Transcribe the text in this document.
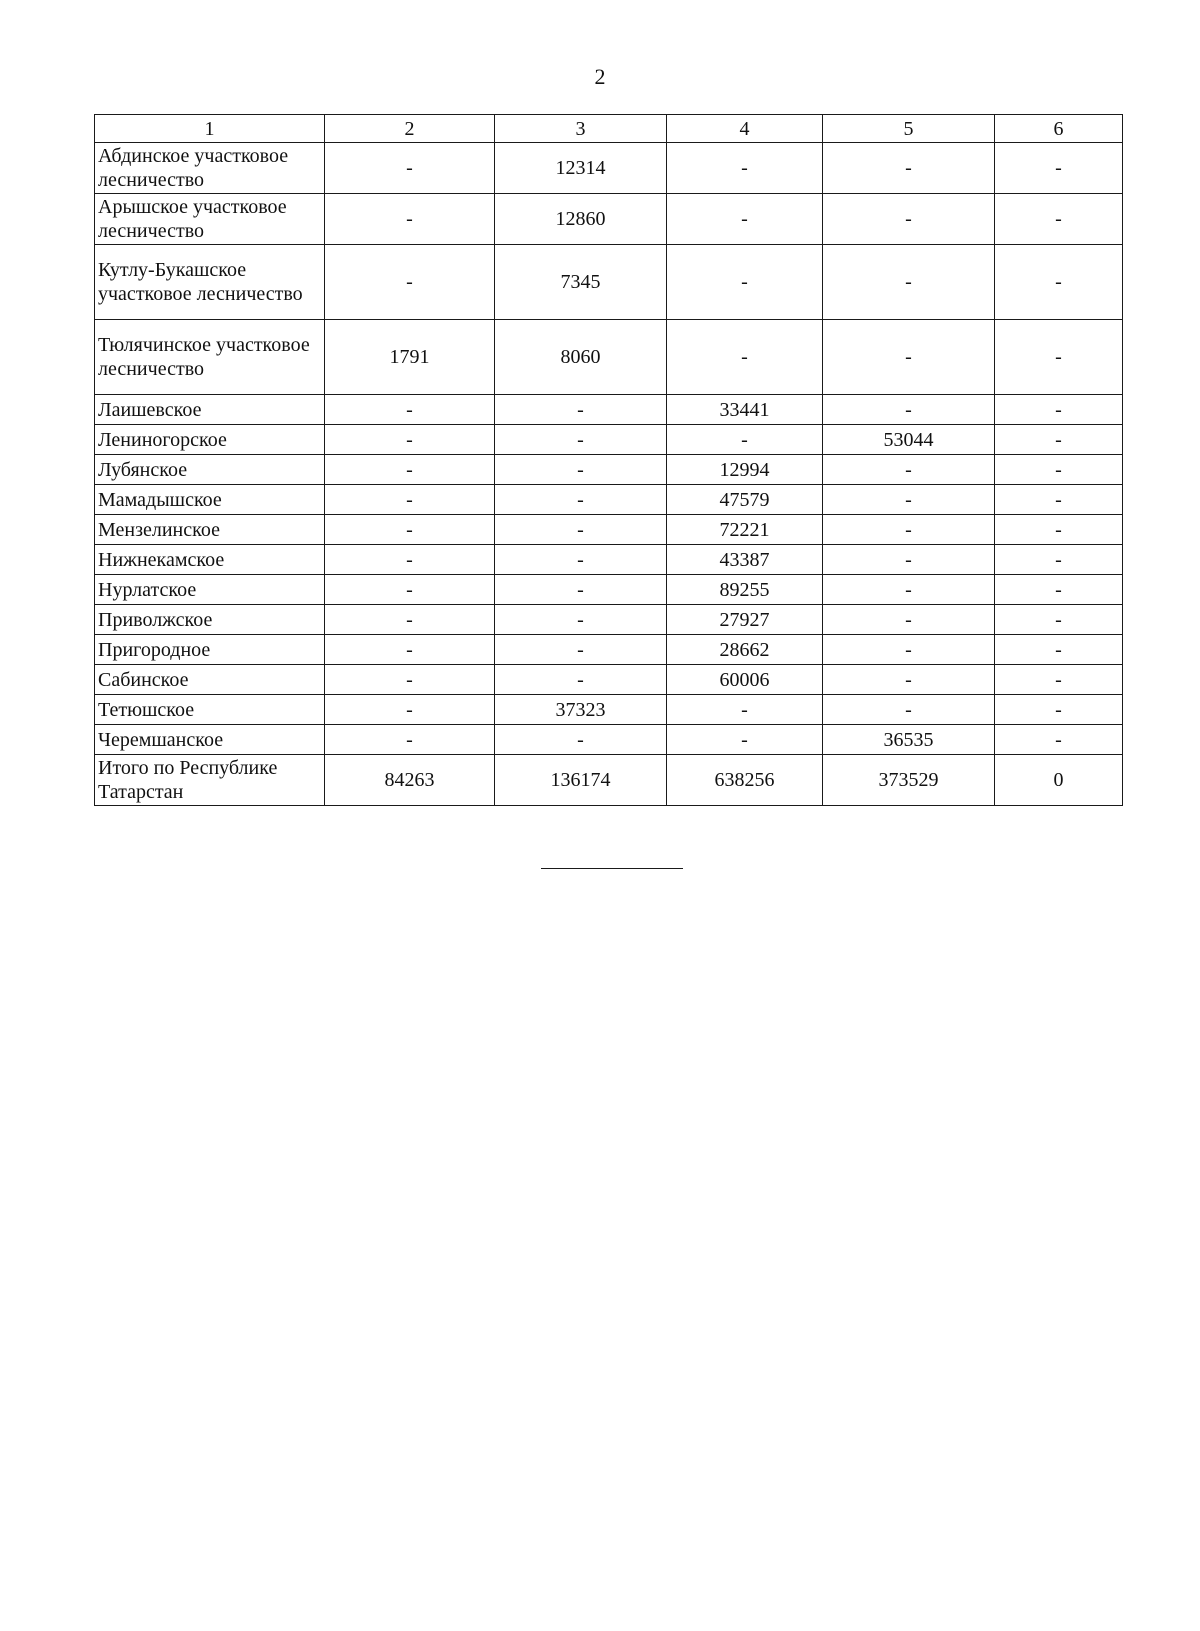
2
1	2	3	4	5	6
Абдинское участковое лесничество	-	12314	-	-	-
Арышское участковое лесничество	-	12860	-	-	-
Кутлу-Букашское участковое лесничество	-	7345	-	-	-
Тюлячинское участковое лесничество	1791	8060	-	-	-
Лаишевское	-	-	33441	-	-
Лениногорское	-	-	-	53044	-
Лубянское	-	-	12994	-	-
Мамадышское	-	-	47579	-	-
Мензелинское	-	-	72221	-	-
Нижнекамское	-	-	43387	-	-
Нурлатское	-	-	89255	-	-
Приволжское	-	-	27927	-	-
Пригородное	-	-	28662	-	-
Сабинское	-	-	60006	-	-
Тетюшское	-	37323	-	-	-
Черемшанское	-	-	-	36535	-
Итого по Республике Татарстан	84263	136174	638256	373529	0
